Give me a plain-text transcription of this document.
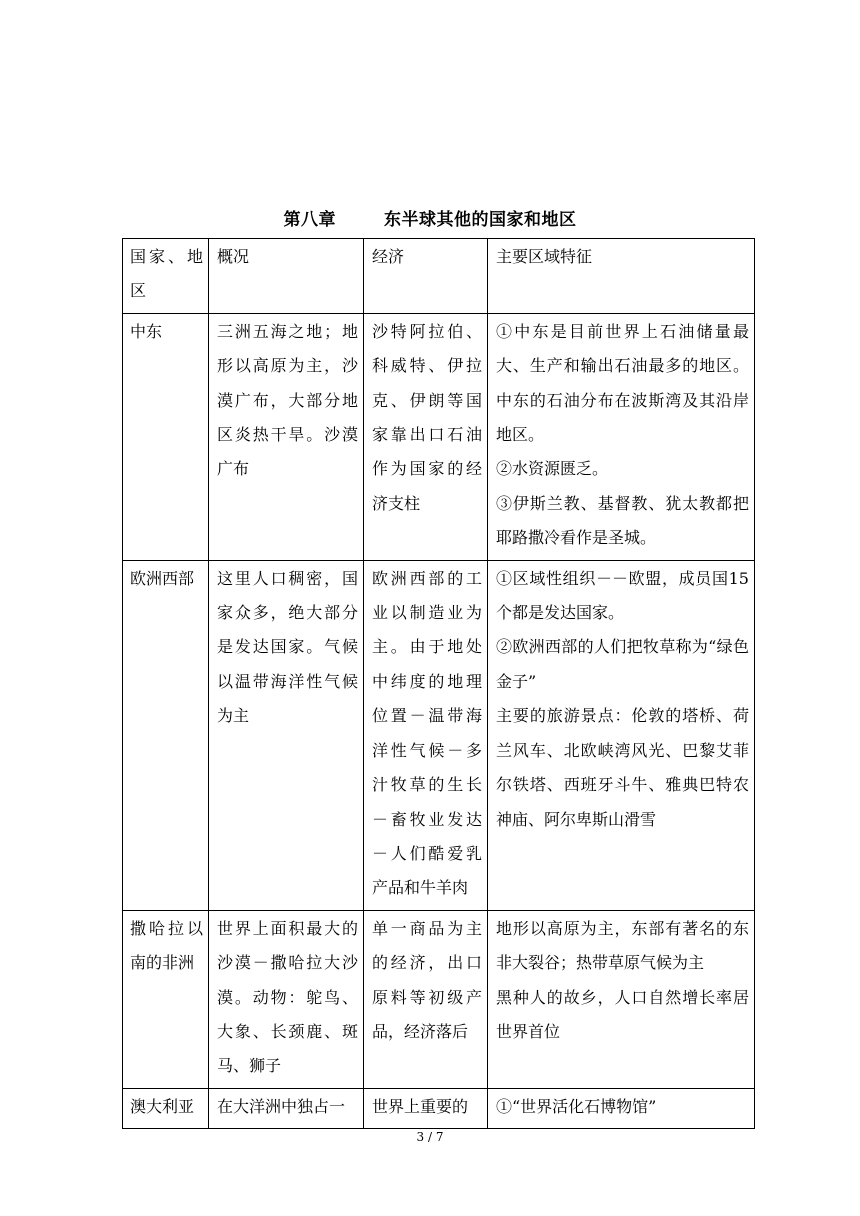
第八章	东半球其他的国家和地区
国家、地区	概况	经济	主要区域特征

中东	三洲五海之地；地形以高原为主，沙漠广布，大部分地区炎热干旱。沙漠广布	沙特阿拉伯、科威特、伊拉克、伊朗等国家靠出口石油作为国家的经济支柱	①中东是目前世界上石油储量最大、生产和输出石油最多的地区。中东的石油分布在波斯湾及其沿岸地区。
②水资源匮乏。
③伊斯兰教、基督教、犹太教都把耶路撒冷看作是圣城。

欧洲西部	这里人口稠密，国家众多，绝大部分是发达国家。气候以温带海洋性气候为主	欧洲西部的工业以制造业为主。由于地处中纬度的地理位置－温带海洋性气候－多汁牧草的生长－畜牧业发达－人们酷爱乳产品和牛羊肉	①区域性组织－－欧盟，成员国15个都是发达国家。
②欧洲西部的人们把牧草称为“绿色金子”
主要的旅游景点：伦敦的塔桥、荷兰风车、北欧峡湾风光、巴黎艾菲尔铁塔、西班牙斗牛、雅典巴特农神庙、阿尔卑斯山滑雪

撒哈拉以南的非洲	世界上面积最大的沙漠－撒哈拉大沙漠。动物：鸵鸟、大象、长颈鹿、斑马、狮子	单一商品为主的经济，出口原料等初级产品，经济落后	地形以高原为主，东部有著名的东非大裂谷；热带草原气候为主
黑种人的故乡，人口自然增长率居世界首位

澳大利亚	在大洋洲中独占一	世界上重要的	①“世界活化石博物馆”
3 / 7
